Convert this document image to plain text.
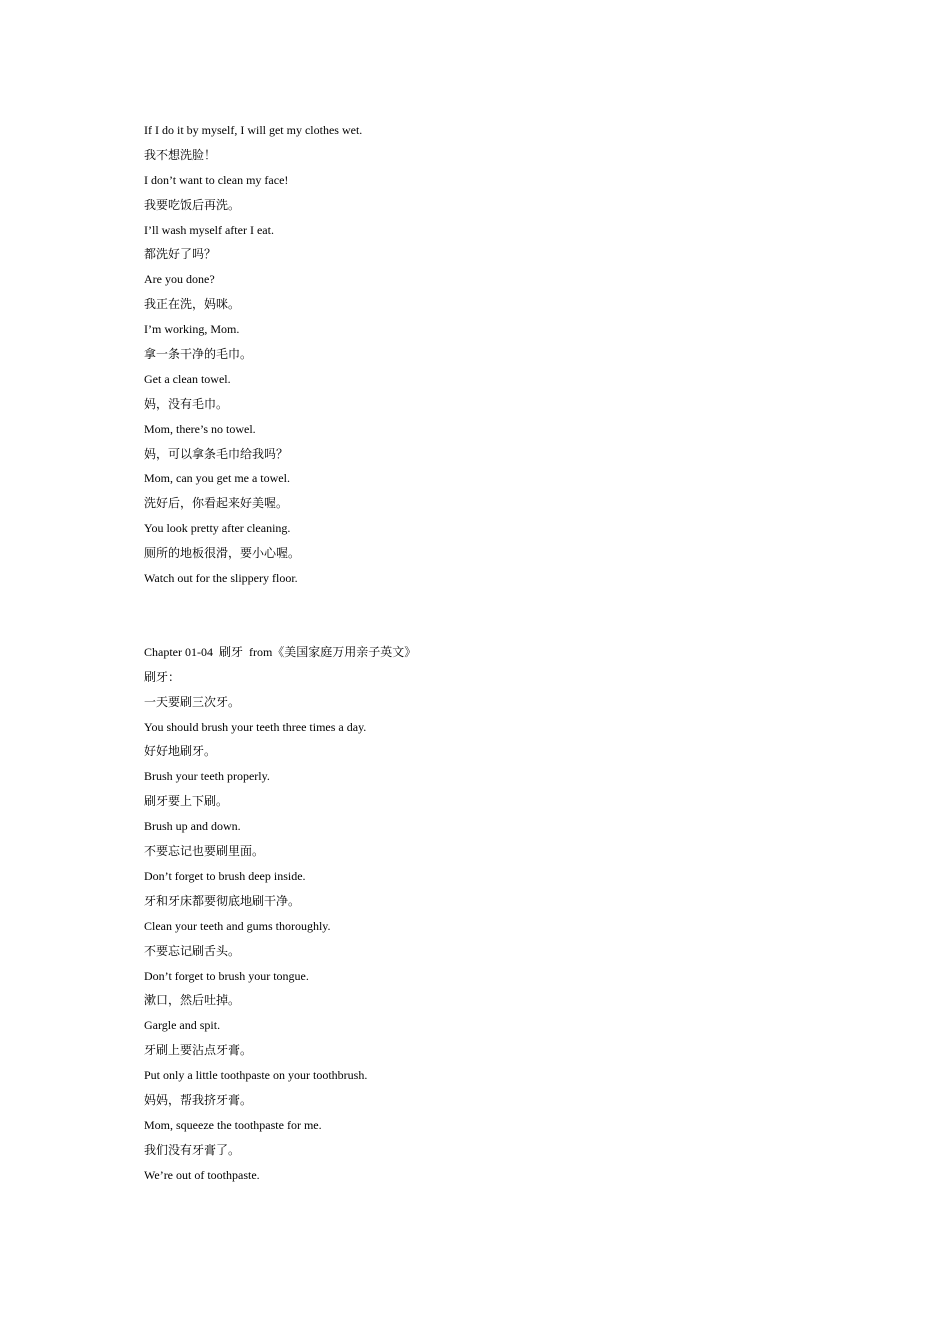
If I do it by myself, I will get my clothes wet.
我不想洗脸！
I don’t want to clean my face!
我要吃饭后再洗。
I’ll wash myself after I eat.
都洗好了吗？
Are you done?
我正在洗，妈咪。
I’m working, Mom.
拿一条干净的毛巾。
Get a clean towel.
妈，没有毛巾。
Mom, there’s no towel.
妈，可以拿条毛巾给我吗？
Mom, can you get me a towel.
洗好后，你看起来好美喔。
You look pretty after cleaning.
厕所的地板很滑，要小心喔。
Watch out for the slippery floor.
Chapter 01-04  刷牙  from《美国家庭万用亲子英文》
刷牙：
一天要刷三次牙。
You should brush your teeth three times a day.
好好地刷牙。
Brush your teeth properly.
刷牙要上下刷。
Brush up and down.
不要忘记也要刷里面。
Don’t forget to brush deep inside.
牙和牙床都要彻底地刷干净。
Clean your teeth and gums thoroughly.
不要忘记刷舌头。
Don’t forget to brush your tongue.
漱口，然后吐掉。
Gargle and spit.
牙刷上要沾点牙膏。
Put only a little toothpaste on your toothbrush.
妈妈，帮我挤牙膏。
Mom, squeeze the toothpaste for me.
我们没有牙膏了。
We’re out of toothpaste.
